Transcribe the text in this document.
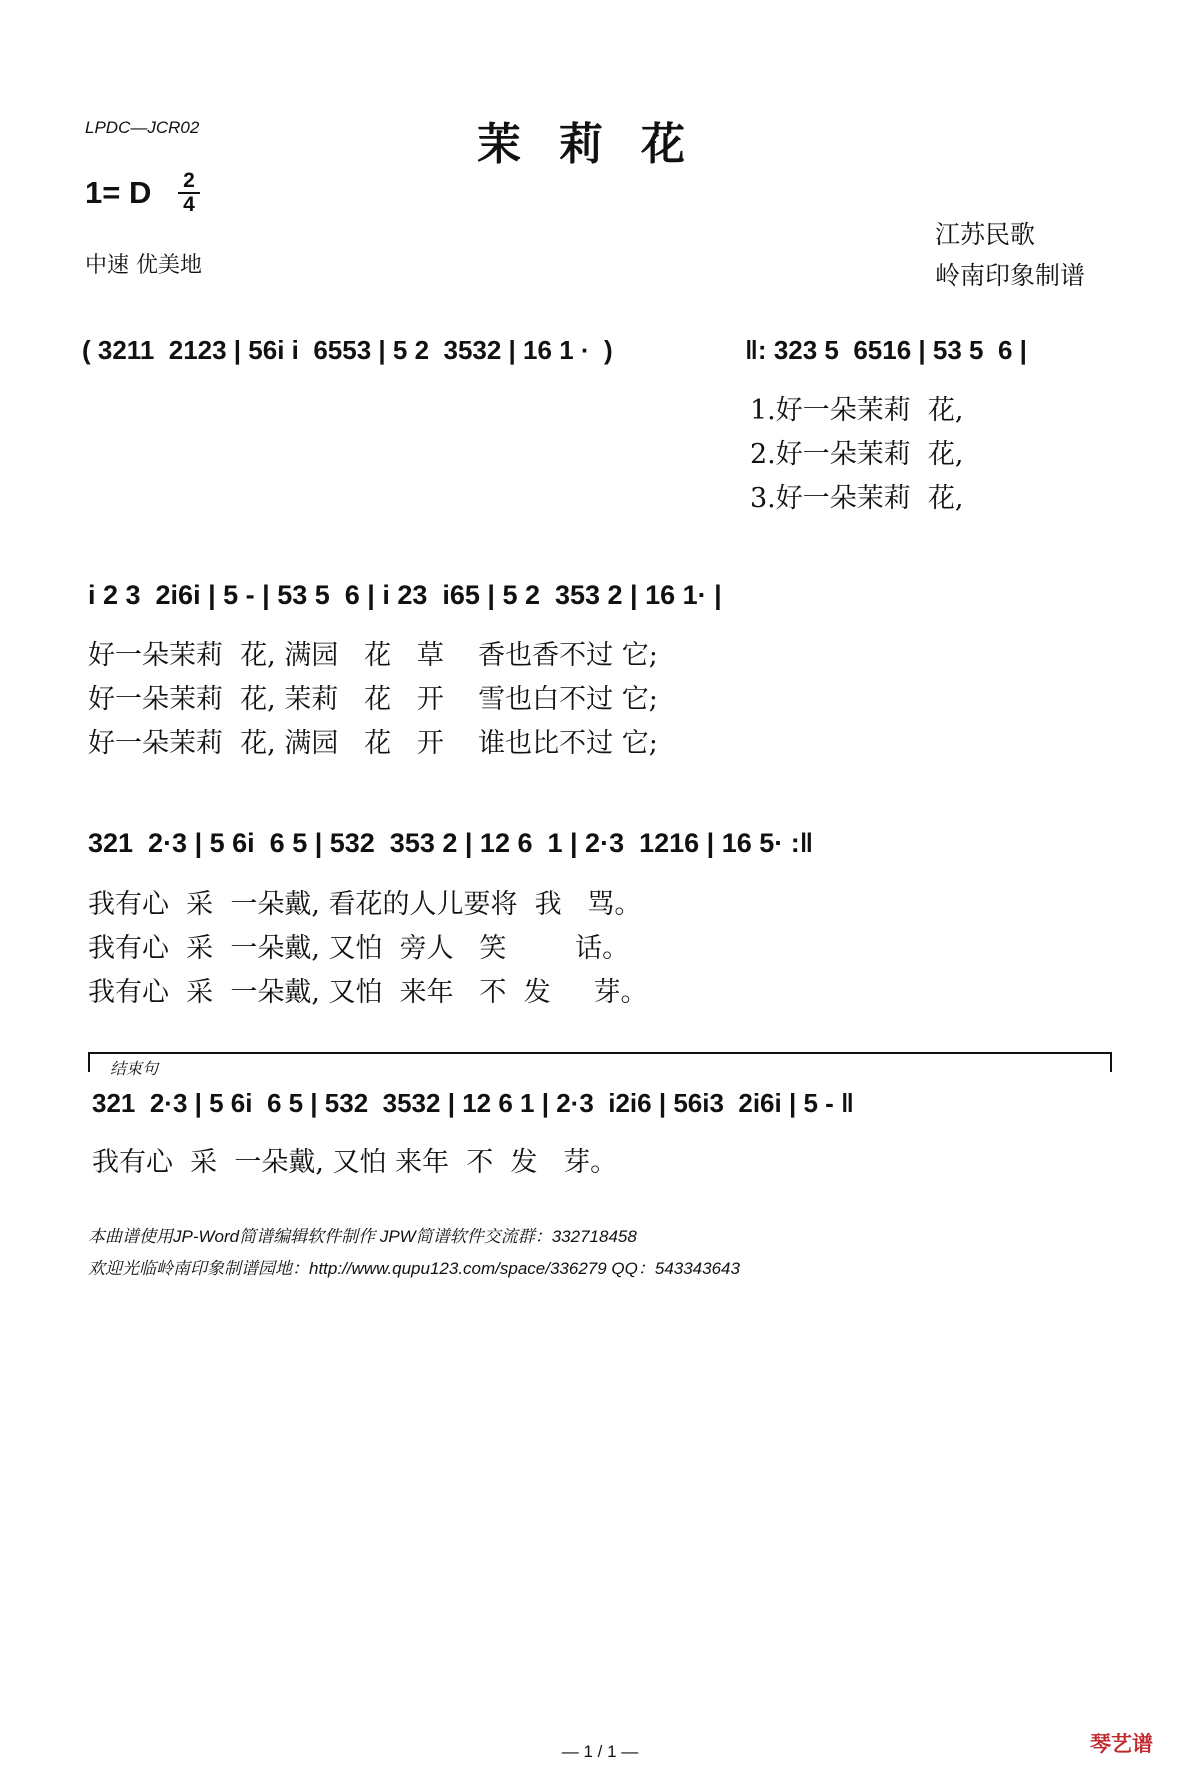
LPDC—JCR02	茉莉花
1= D 2
4
中速 优美地
江苏民歌
岭南印象制谱
( 3211  2123 | 56i i  6553 | 5 2  3532 | 16 1 ·  )	‖: 323 5  6516 | 53 5  6 |
1.好一朵茉莉  花,
2.好一朵茉莉  花,
3.好一朵茉莉  花,
i 2 3  2i6i | 5 - | 53 5  6 | i 23  i65 | 5 2  353 2 | 16 1· |
好一朵茉莉  花, 满园   花   草    香也香不过 它;
好一朵茉莉  花, 茉莉   花   开    雪也白不过 它;
好一朵茉莉  花, 满园   花   开    谁也比不过 它;
321  2·3 | 5 6i  6 5 | 532  353 2 | 12 6  1 | 2·3  1216 | 16 5· :‖
我有心  采  一朵戴, 看花的人儿要将  我   骂。
我有心  采  一朵戴, 又怕  旁人   笑        话。
我有心  采  一朵戴, 又怕  来年   不  发     芽。
结束句
321  2·3 | 5 6i  6 5 | 532  3532 | 12 6 1 | 2·3  i2i6 | 56i3  2i6i | 5 - ‖
我有心  采  一朵戴, 又怕 来年  不  发   芽。
本曲谱使用JP-Word简谱编辑软件制作 JPW简谱软件交流群：332718458
欢迎光临岭南印象制谱园地：http://www.qupu123.com/space/336279 QQ：543343643
— 1 / 1 —	琴艺谱
